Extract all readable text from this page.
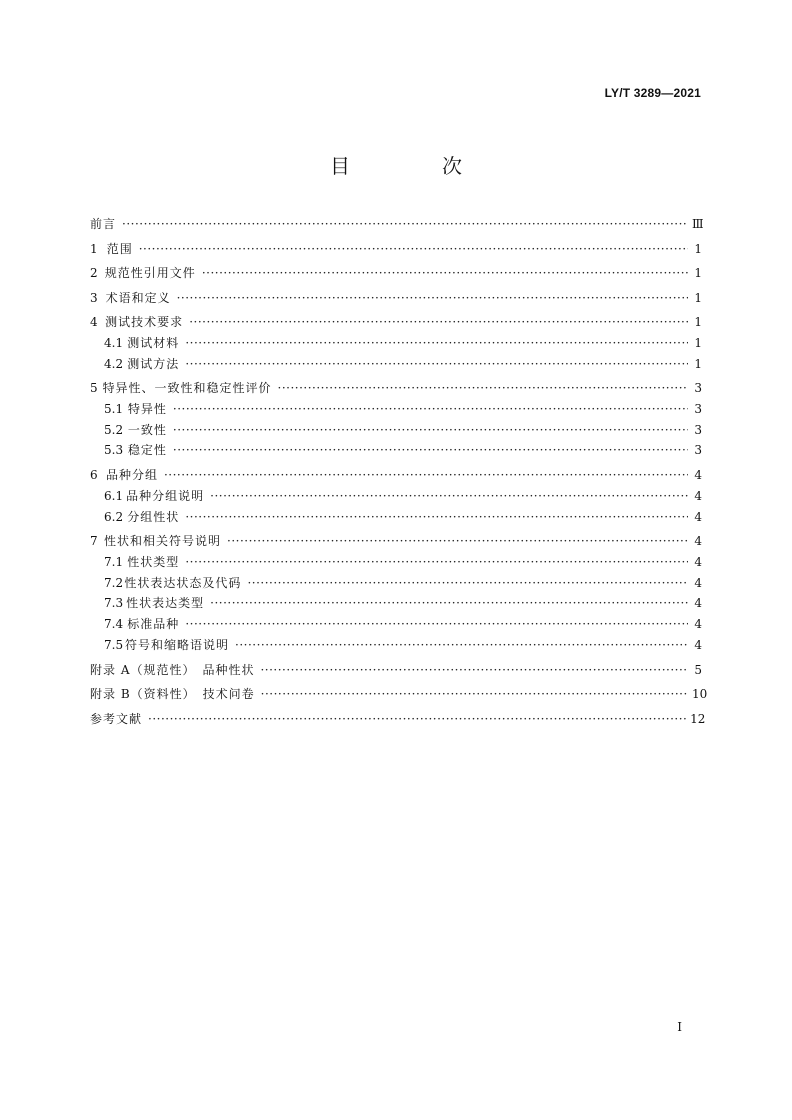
LY/T 3289—2021
目　次
前言 ·····	Ⅲ
1 范围 ·····	1
2 规范性引用文件 ·····	1
3 术语和定义 ·····	1
4 测试技术要求 ·····	1
4.1 测试材料 ·····	1
4.2 测试方法 ·····	1
5 特异性、一致性和稳定性评价 ·····	3
5.1 特异性 ·····	3
5.2 一致性 ·····	3
5.3 稳定性 ·····	3
6 品种分组 ·····	4
6.1 品种分组说明 ·····	4
6.2 分组性状 ·····	4
7 性状和相关符号说明 ·····	4
7.1 性状类型 ·····	4
7.2 性状表达状态及代码 ·····	4
7.3 性状表达类型 ·····	4
7.4 标准品种 ·····	4
7.5 符号和缩略语说明 ·····	4
附录 A（规范性）　品种性状 ·····	5
附录 B（资料性）　技术问卷 ·····	10
参考文献 ·····	12
I
